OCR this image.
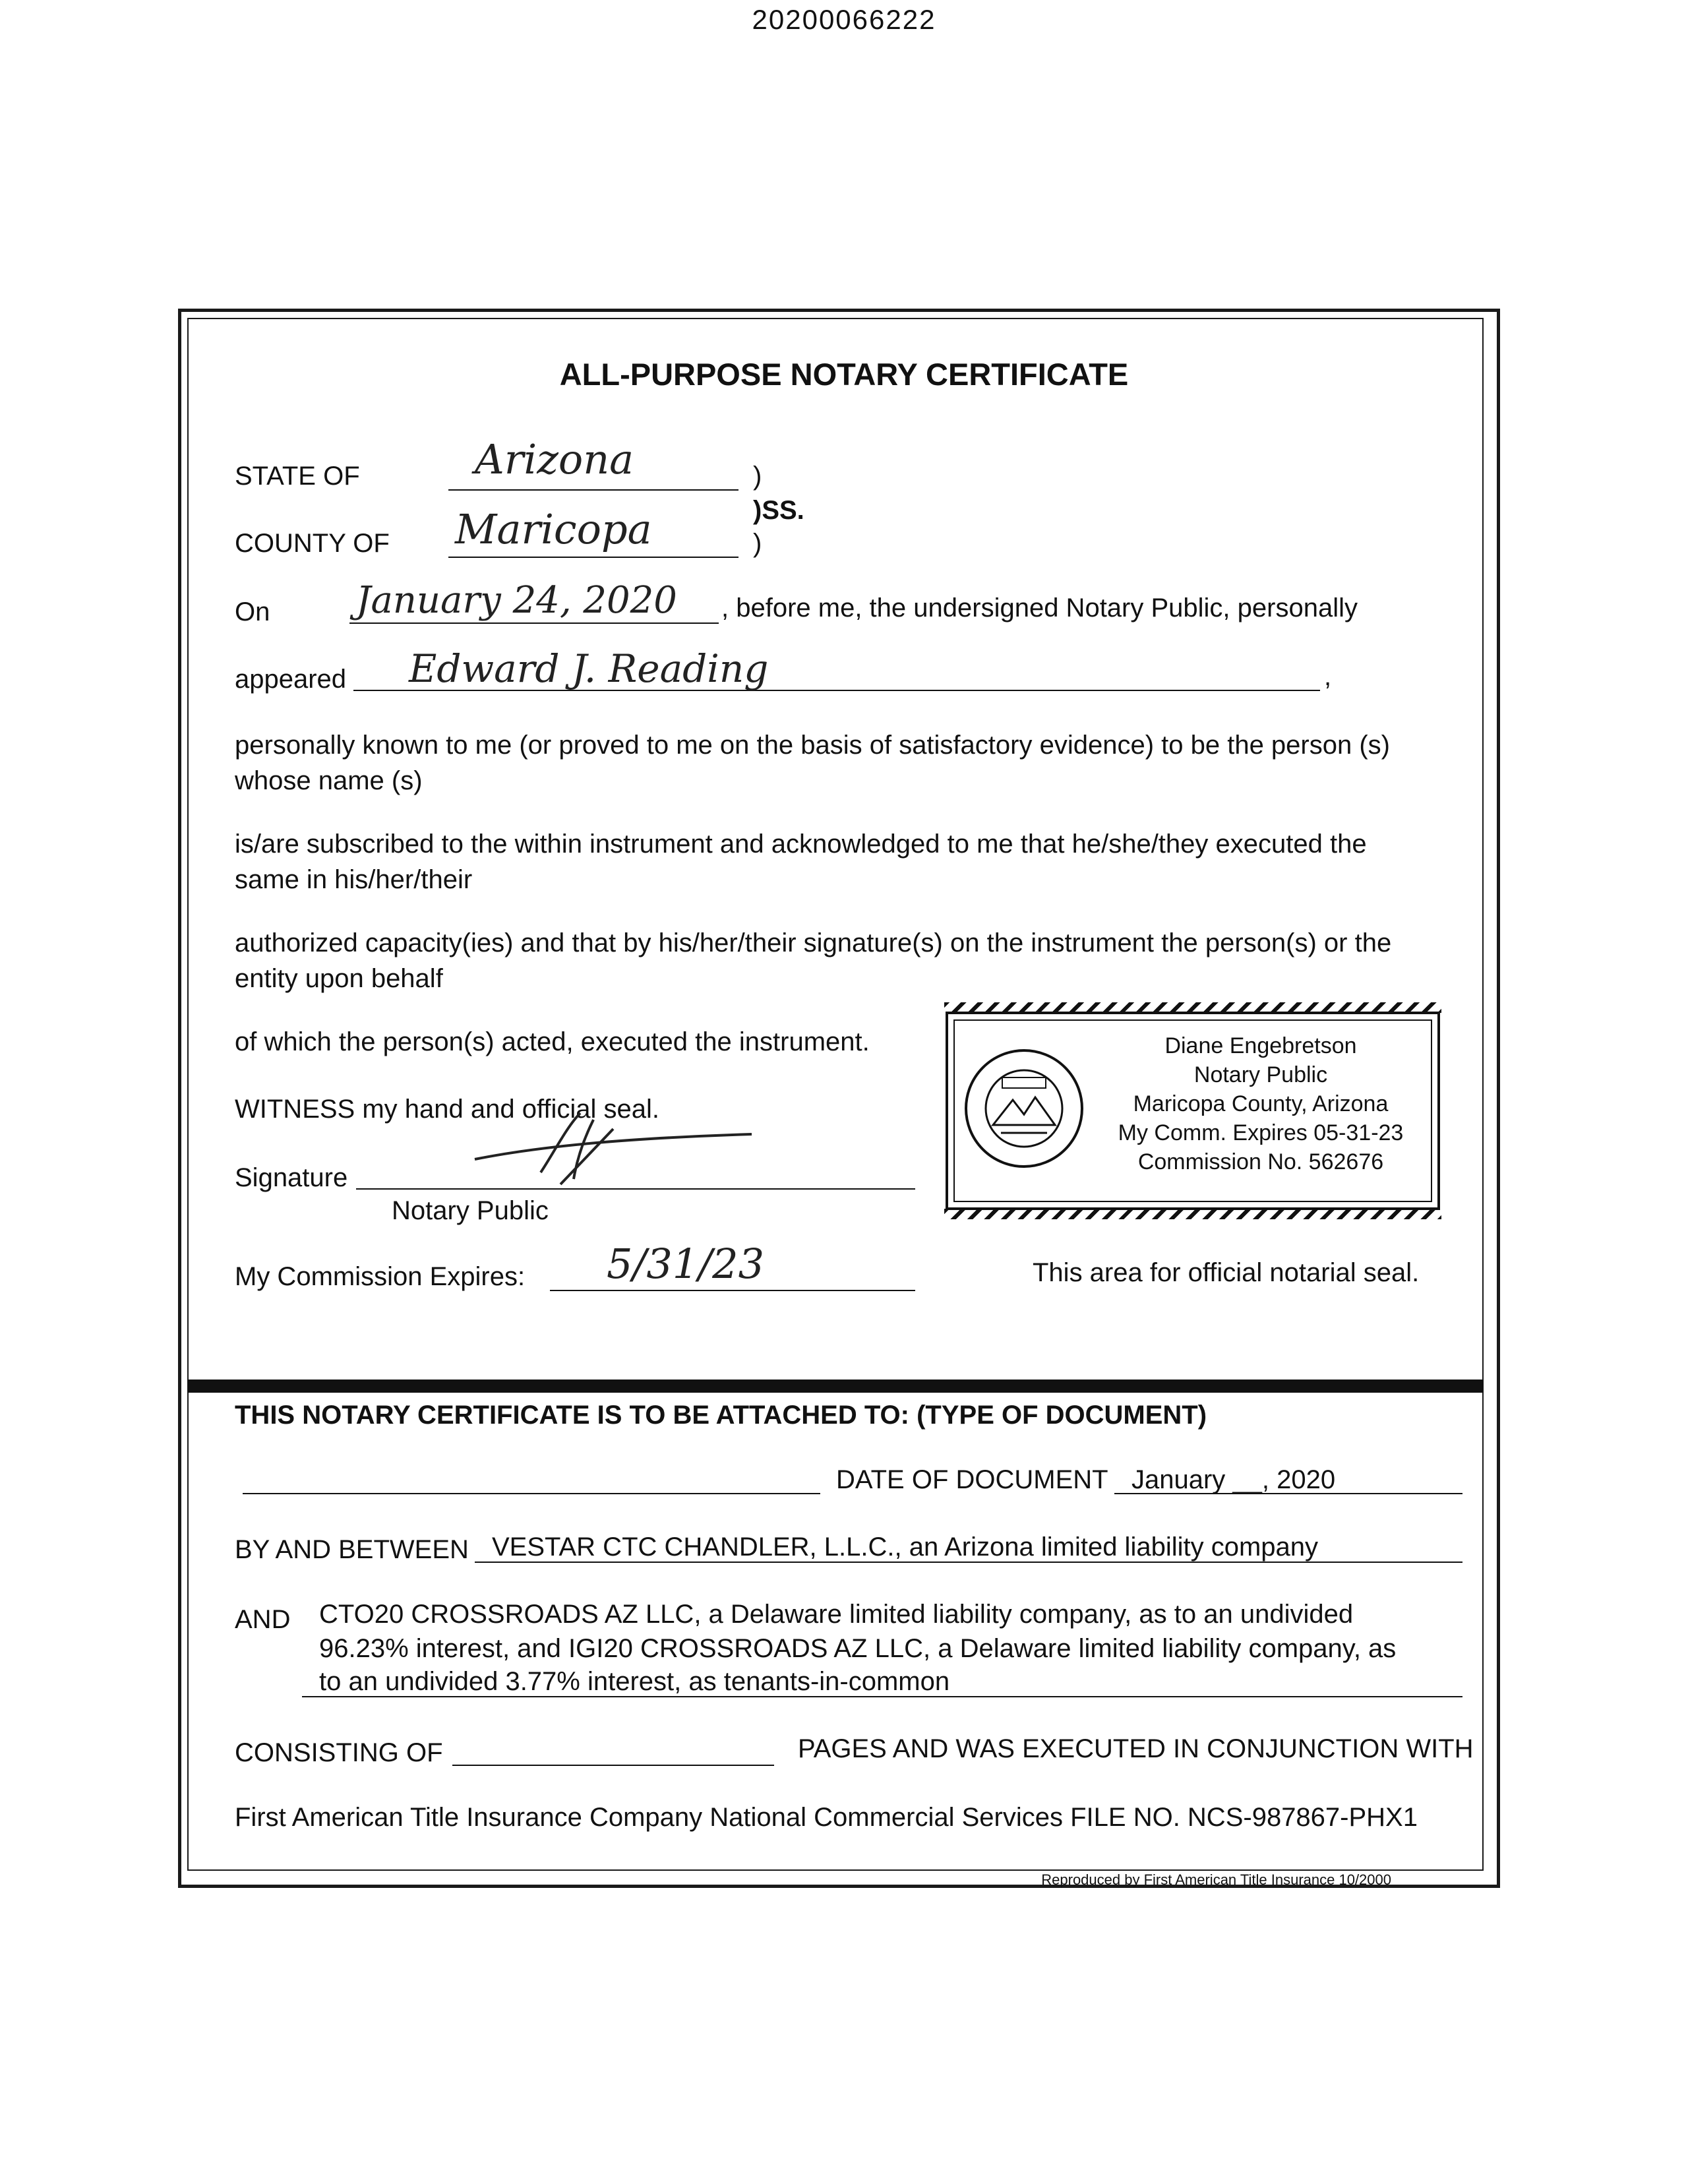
20200066222
ALL-PURPOSE NOTARY CERTIFICATE
STATE OF	Arizona	)
)SS.
COUNTY OF Maricopa	)
On January 24, 2020 , before me, the undersigned Notary Public, personally
appeared Edward J. Reading	,
personally known to me (or proved to me on the basis of satisfactory evidence) to be the person (s)
whose name (s)
is/are subscribed to the within instrument and acknowledged to me that he/she/they executed the
same in his/her/their
authorized capacity(ies) and that by his/her/their signature(s) on the instrument the person(s) or the
entity upon behalf
of which the person(s) acted, executed the instrument.
WITNESS my hand and official seal.
Signature
Notary Public
My Commission Expires: 5/31/23
Diane Engebretson
Notary Public
Maricopa County, Arizona
My Comm. Expires 05-31-23
Commission No. 562676
This area for official notarial seal.
THIS NOTARY CERTIFICATE IS TO BE ATTACHED TO: (TYPE OF DOCUMENT)
DATE OF DOCUMENT January __, 2020
BY AND BETWEEN VESTAR CTC CHANDLER, L.L.C., an Arizona limited liability company
AND CTO20 CROSSROADS AZ LLC, a Delaware limited liability company, as to an undivided
96.23% interest, and IGI20 CROSSROADS AZ LLC, a Delaware limited liability company, as
to an undivided 3.77% interest, as tenants-in-common
CONSISTING OF	PAGES AND WAS EXECUTED IN CONJUNCTION WITH
First American Title Insurance Company National Commercial Services FILE NO. NCS-987867-PHX1
Reproduced by First American Title Insurance 10/2000
